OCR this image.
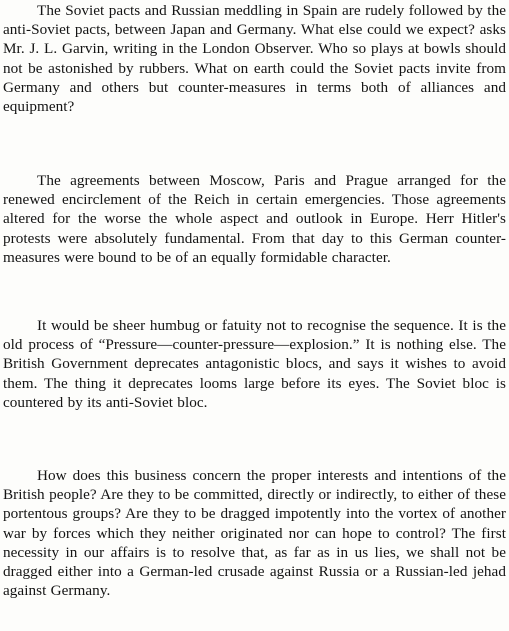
The Soviet pacts and Russian meddling in Spain are rudely followed by the anti-Soviet pacts, between Japan and Germany. What else could we expect? asks Mr. J. L. Garvin, writing in the London Observer. Who so plays at bowls should not be astonished by rubbers. What on earth could the Soviet pacts invite from Germany and others but counter-measures in terms both of alliances and equipment?

The agreements between Moscow, Paris and Prague arranged for the renewed encirclement of the Reich in certain emergencies. Those agreements altered for the worse the whole aspect and outlook in Europe. Herr Hitler's protests were absolutely fundamental. From that day to this German counter-measures were bound to be of an equally formidable character.

It would be sheer humbug or fatuity not to recognise the sequence. It is the old process of “Pressure—counter-pressure—explosion.” It is nothing else. The British Government deprecates antagonistic blocs, and says it wishes to avoid them. The thing it deprecates looms large before its eyes. The Soviet bloc is countered by its anti-Soviet bloc.

How does this business concern the proper interests and intentions of the British people? Are they to be committed, directly or indirectly, to either of these portentous groups? Are they to be dragged impotently into the vortex of another war by forces which they neither originated nor can hope to control? The first necessity in our affairs is to resolve that, as far as in us lies, we shall not be dragged either into a German-led crusade against Russia or a Russian-led jehad against Germany.
